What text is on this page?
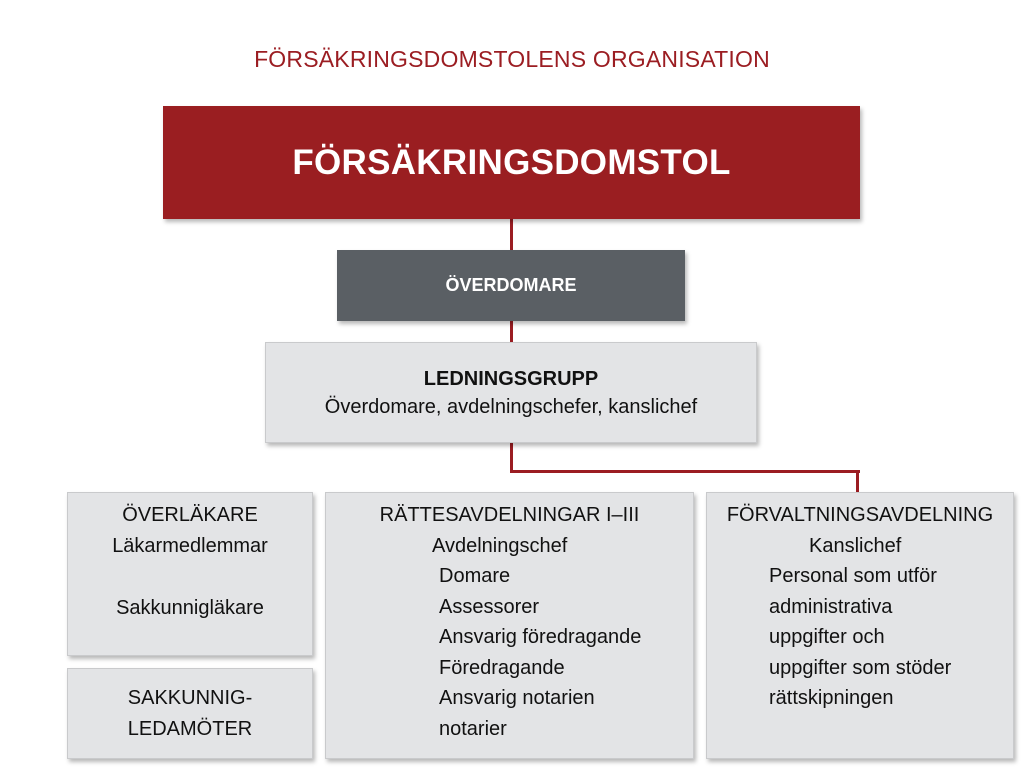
FÖRSÄKRINGSDOMSTOLENS ORGANISATION
FÖRSÄKRINGSDOMSTOL
ÖVERDOMARE
LEDNINGSGRUPP
Överdomare, avdelningschefer, kanslichef
ÖVERLÄKARE
Läkarmedlemmar
Sakkunnigläkare
SAKKUNNIG-
LEDAMÖTER
RÄTTESAVDELNINGAR I–III
Avdelningschef
Domare
Assessorer
Ansvarig föredragande
Föredragande
Ansvarig notarien
notarier
FÖRVALTNINGSAVDELNING
Kanslichef
Personal som utför
administrativa
uppgifter och
uppgifter som stöder
rättskipningen
